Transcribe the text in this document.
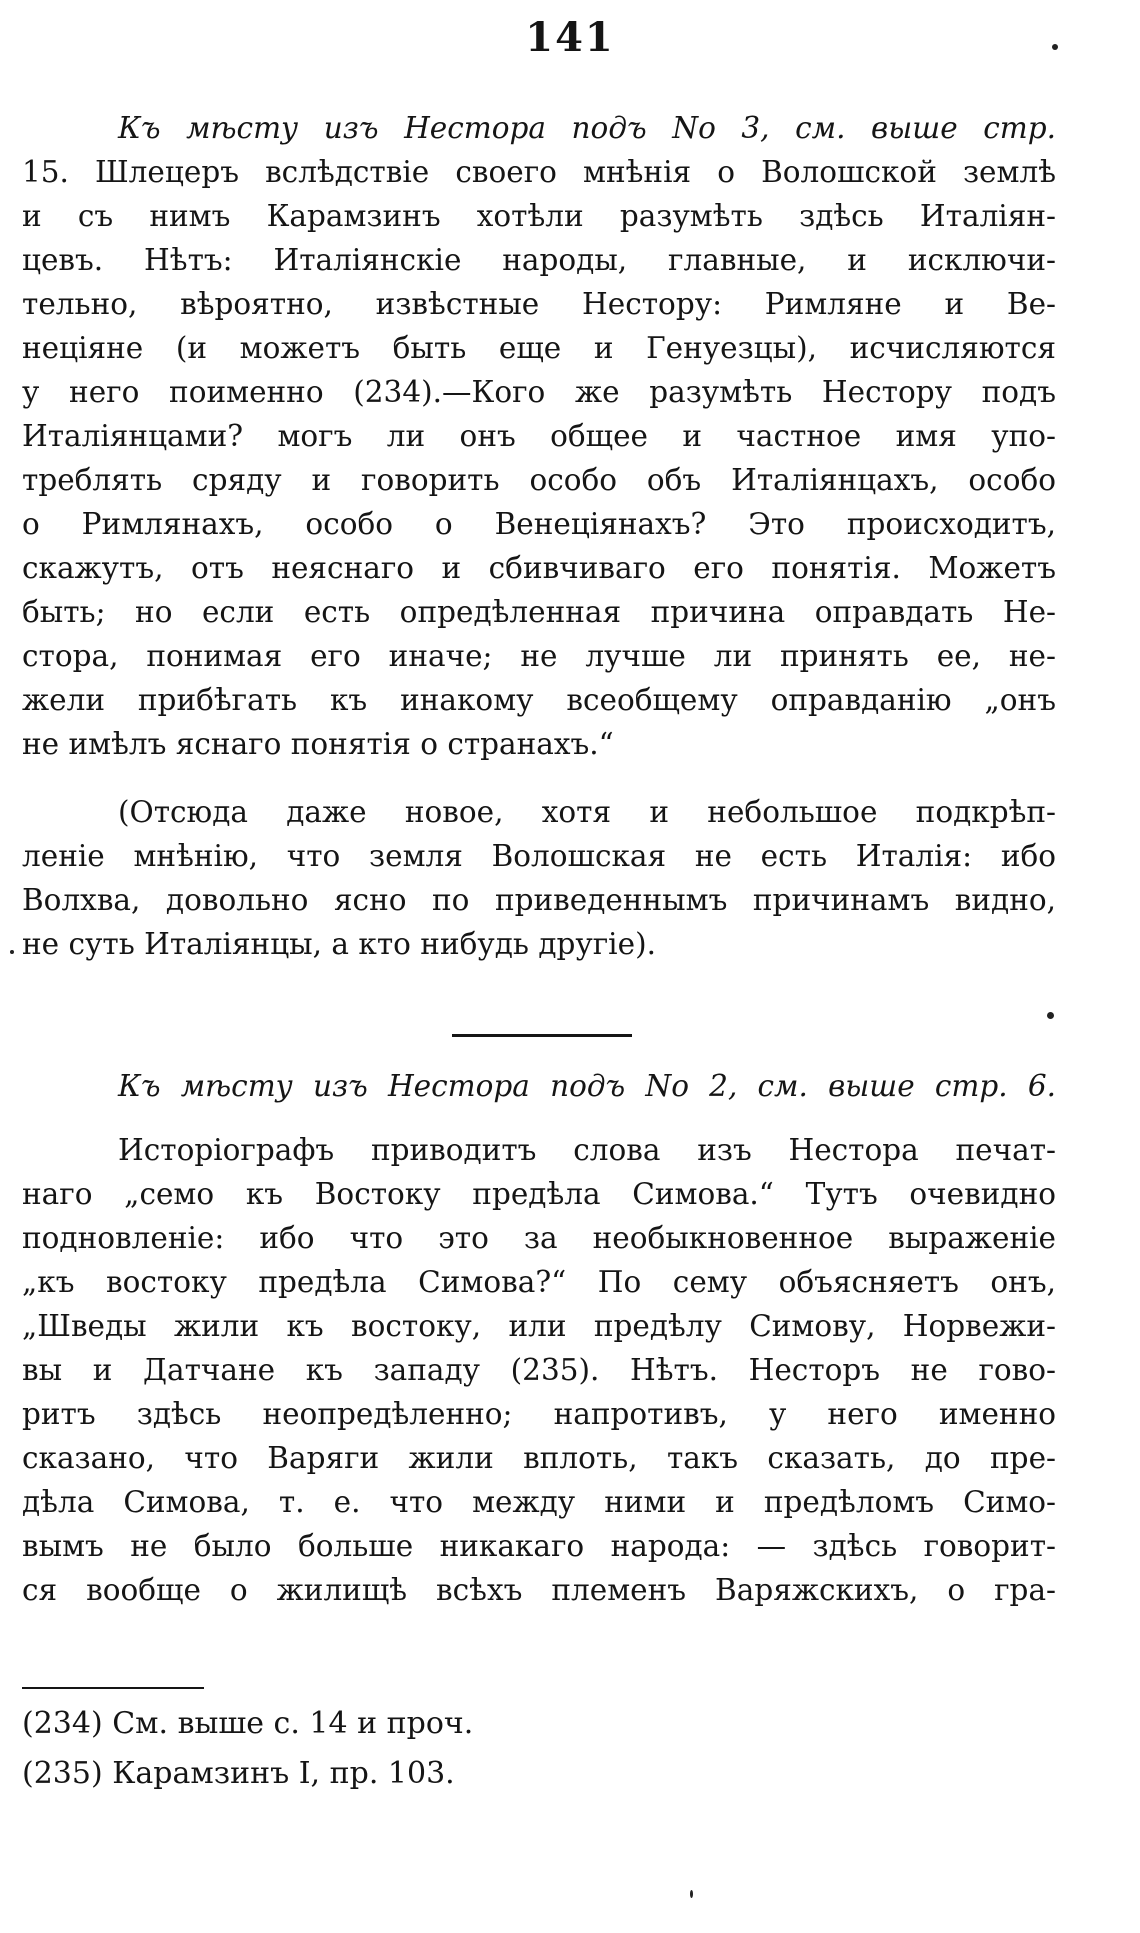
141
Къ мѣсту изъ Нестора подъ No 3, см. выше стр.
15. Шлецеръ вслѣдствіе своего мнѣнія о Волошской землѣ
и съ нимъ Карамзинъ хотѣли разумѣть здѣсь Италіян-
цевъ. Нѣтъ: Италіянскіе народы, главные, и исключи-
тельно, вѣроятно, извѣстные Нестору: Римляне и Ве-
нецiяне (и можетъ быть еще и Генуезцы), исчисляются
у него поименно (234).—Кого же разумѣть Нестору подъ
Италіянцами? могъ ли онъ общее и частное имя упо-
треблять сряду и говорить особо объ Италіянцахъ, особо
о Римлянахъ, особо о Венеціянахъ? Это происходитъ,
скажутъ, отъ неяснаго и сбивчиваго его понятія. Можетъ
быть; но если есть опредѣленная причина оправдать Не-
стора, понимая его иначе; не лучше ли принять ее, не-
жели прибѣгать къ инакому всеобщему оправданію „онъ
не имѣлъ яснаго понятія о странахъ.“
(Отсюда даже новое, хотя и небольшое подкрѣп-
леніе мнѣнію, что земля Волошская не есть Италія: ибо
Волхва, довольно ясно по приведеннымъ причинамъ видно,
не суть Италіянцы, а кто нибудь другіе).
Къ мѣсту изъ Нестора подъ No 2, см. выше стр. 6.
Исторіографъ приводитъ слова изъ Нестора печат-
наго „семо къ Востоку предѣла Симова.“ Тутъ очевидно
подновленіе: ибо что это за необыкновенное выраженіе
„къ востоку предѣла Симова?“ По сему объясняетъ онъ,
„Шведы жили къ востоку, или предѣлу Симову, Норвежи-
вы и Датчане къ западу (235). Нѣтъ. Несторъ не гово-
ритъ здѣсь неопредѣленно; напротивъ, у него именно
сказано, что Варяги жили вплоть, такъ сказать, до пре-
дѣла Симова, т. е. что между ними и предѣломъ Симо-
вымъ не было больше никакаго народа: — здѣсь говорит-
ся вообще о жилищѣ всѣхъ племенъ Варяжскихъ, о гра-
(234) См. выше с. 14 и проч.
(235) Карамзинъ I, пр. 103.
